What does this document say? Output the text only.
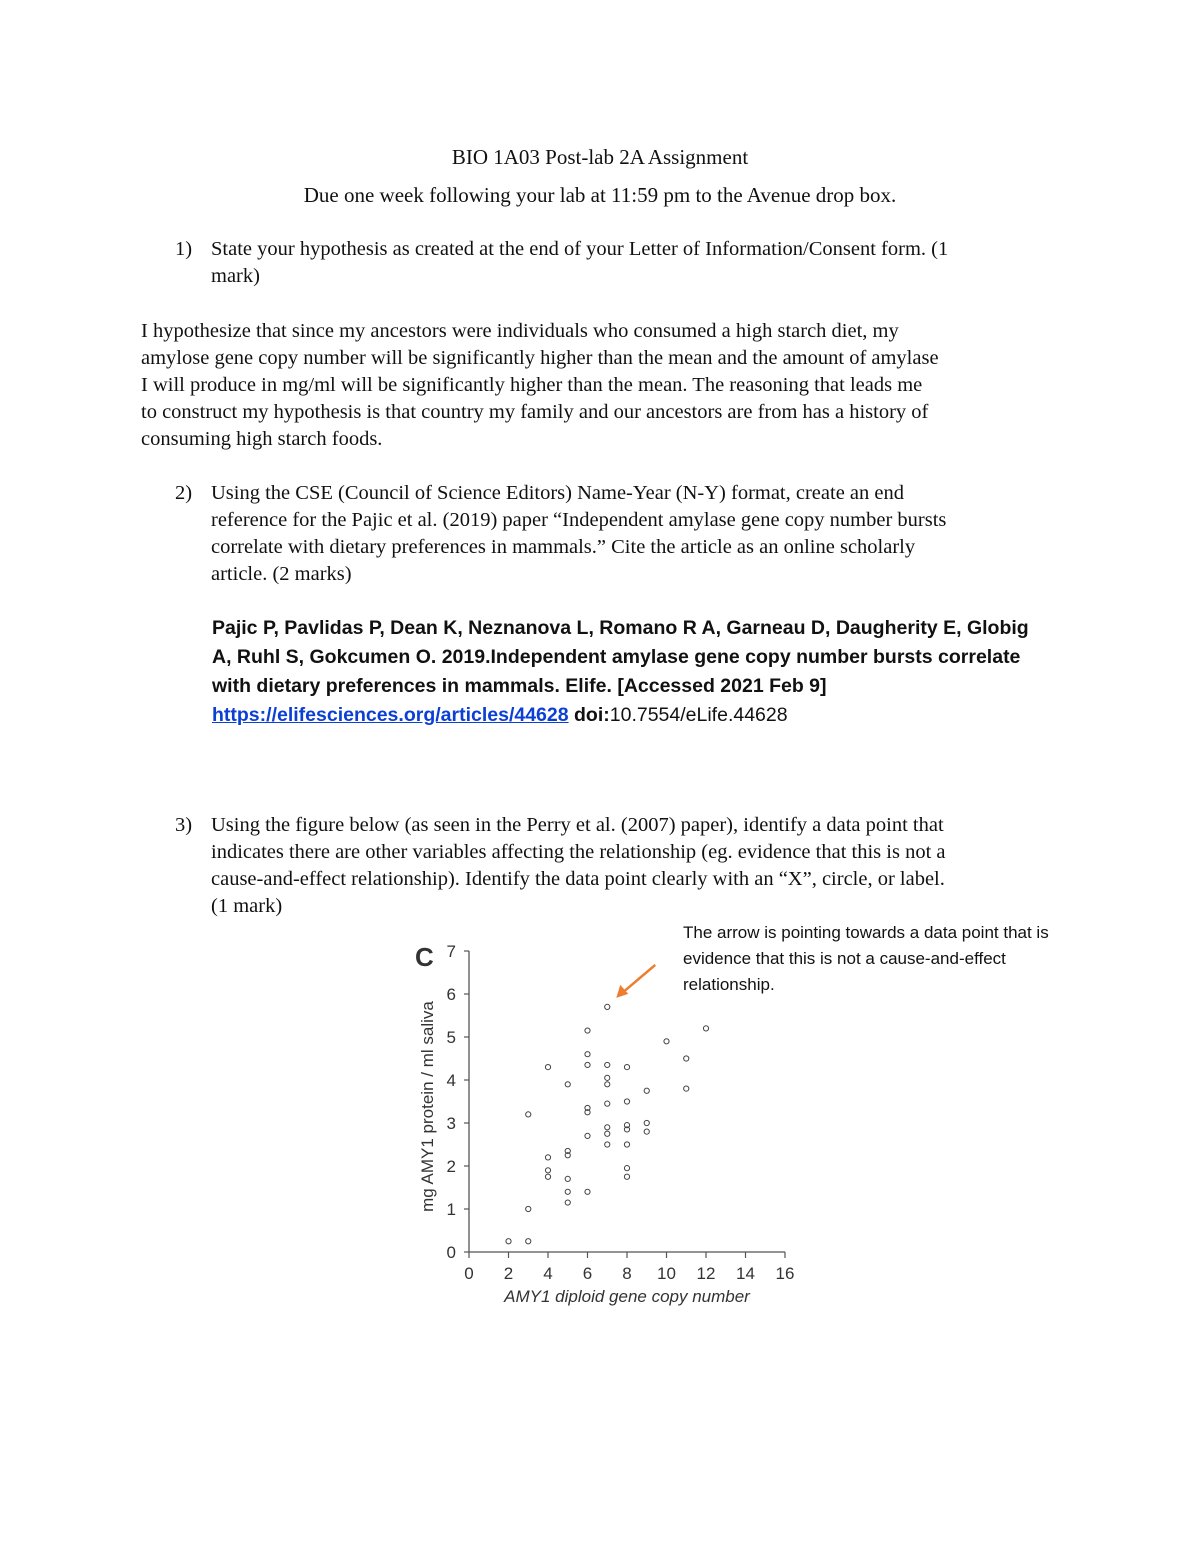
BIO 1A03 Post-lab 2A Assignment
Due one week following your lab at 11:59 pm to the Avenue drop box.
1) State your hypothesis as created at the end of your Letter of Information/Consent form. (1
mark)
I hypothesize that since my ancestors were individuals who consumed a high starch diet, my
amylose gene copy number will be significantly higher than the mean and the amount of amylase
I will produce in mg/ml will be significantly higher than the mean. The reasoning that leads me
to construct my hypothesis is that country my family and our ancestors are from has a history of
consuming high starch foods.
2) Using the CSE (Council of Science Editors) Name-Year (N-Y) format, create an end
reference for the Pajic et al. (2019) paper “Independent amylase gene copy number bursts
correlate with dietary preferences in mammals.” Cite the article as an online scholarly
article. (2 marks)
Pajic P, Pavlidas P, Dean K, Neznanova L, Romano R A, Garneau D, Daugherity E, Globig
A, Ruhl S, Gokcumen O. 2019.Independent amylase gene copy number bursts correlate
with dietary preferences in mammals. Elife. [Accessed 2021 Feb 9]
https://elifesciences.org/articles/44628 doi:10.7554/eLife.44628
3) Using the figure below (as seen in the Perry et al. (2007) paper), identify a data point that
indicates there are other variables affecting the relationship (eg. evidence that this is not a
cause-and-effect relationship). Identify the data point clearly with an “X”, circle, or label.
(1 mark)
The arrow is pointing towards a data point that is
evidence that this is not a cause-and-effect
relationship.
0
1
2
3
4
5
6
7
0 2 4 6 8 10 12 14 16
AMY1 diploid gene copy number
mg AMY1 protein / ml saliva
C
